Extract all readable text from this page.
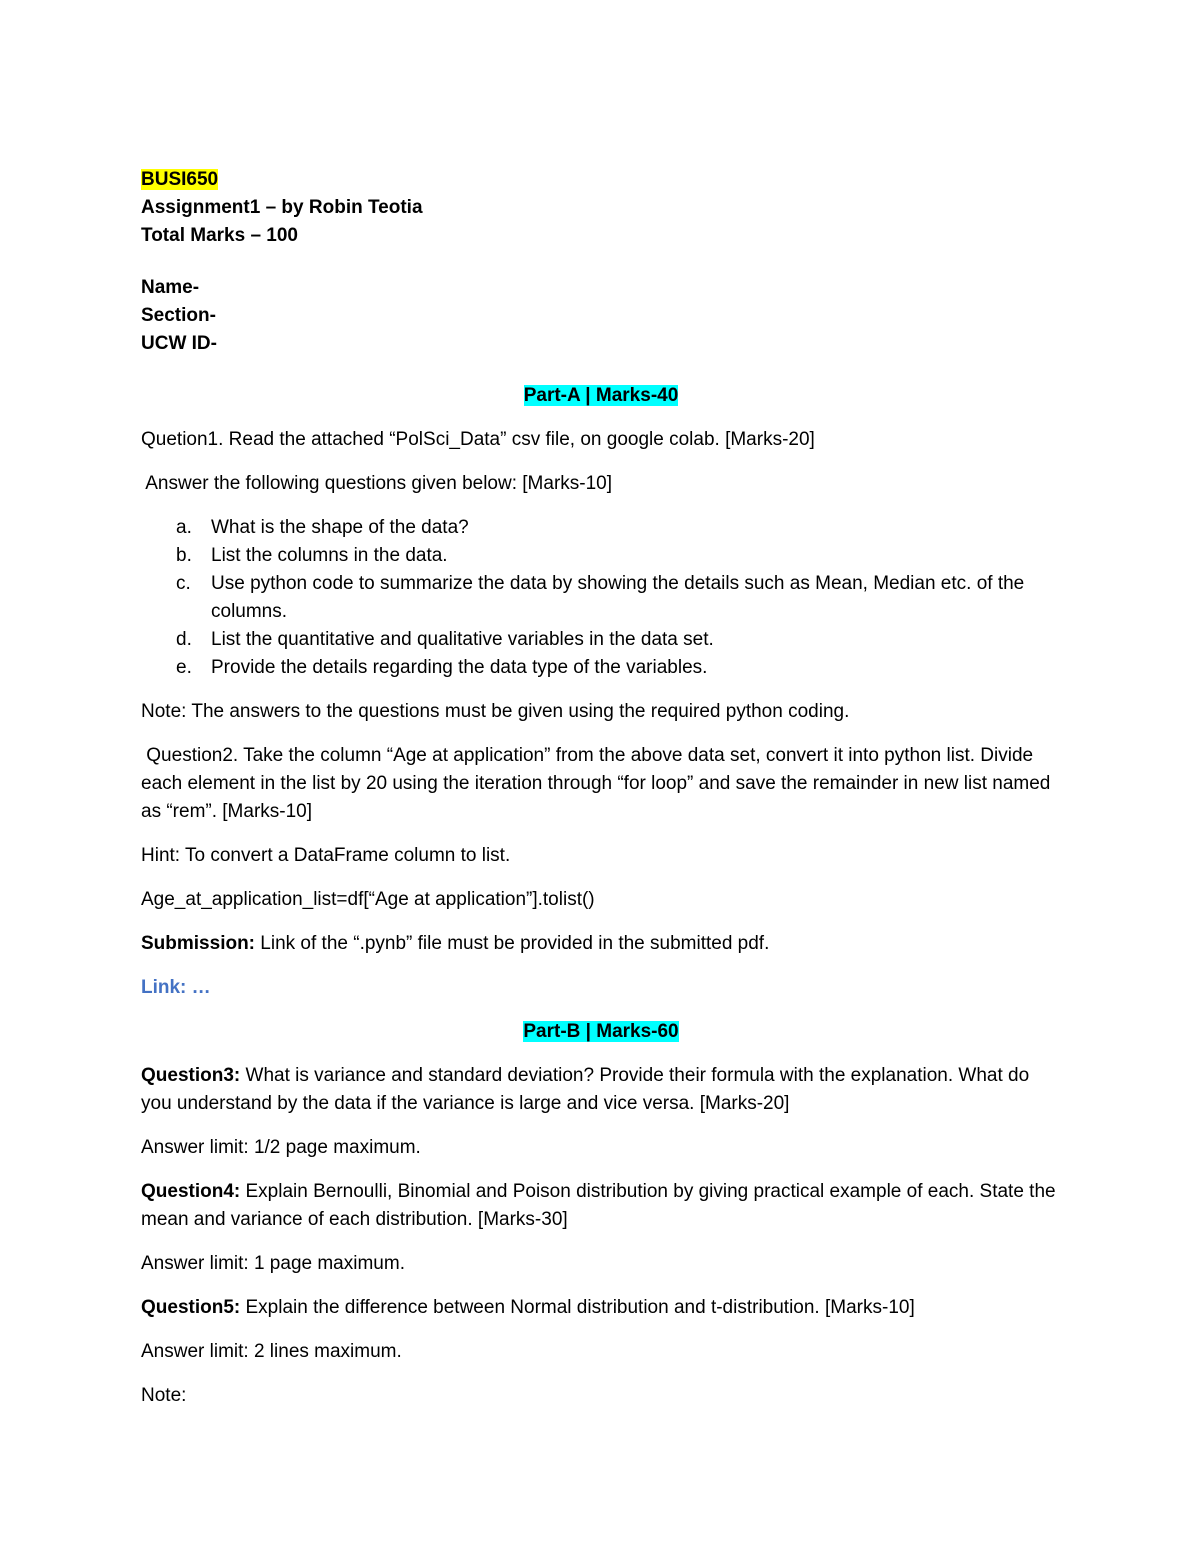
BUSI650
Assignment1 – by Robin Teotia
Total Marks – 100
Name-
Section-
UCW ID-
Part-A | Marks-40

Quetion1. Read the attached “PolSci_Data” csv file, on google colab. [Marks-20]

Answer the following questions given below: [Marks-10]

a. What is the shape of the data?
b. List the columns in the data.
c. Use python code to summarize the data by showing the details such as Mean, Median etc. of the columns.
d. List the quantitative and qualitative variables in the data set.
e. Provide the details regarding the data type of the variables.

Note: The answers to the questions must be given using the required python coding.

Question2. Take the column “Age at application” from the above data set, convert it into python list. Divide each element in the list by 20 using the iteration through “for loop” and save the remainder in new list named as “rem”. [Marks-10]

Hint: To convert a DataFrame column to list.

Age_at_application_list=df[“Age at application”].tolist()

Submission: Link of the “.pynb” file must be provided in the submitted pdf.

Link: …

Part-B | Marks-60

Question3: What is variance and standard deviation? Provide their formula with the explanation. What do you understand by the data if the variance is large and vice versa. [Marks-20]

Answer limit: 1/2 page maximum.

Question4: Explain Bernoulli, Binomial and Poison distribution by giving practical example of each. State the mean and variance of each distribution. [Marks-30]

Answer limit: 1 page maximum.

Question5: Explain the difference between Normal distribution and t-distribution. [Marks-10]

Answer limit: 2 lines maximum.

Note:
